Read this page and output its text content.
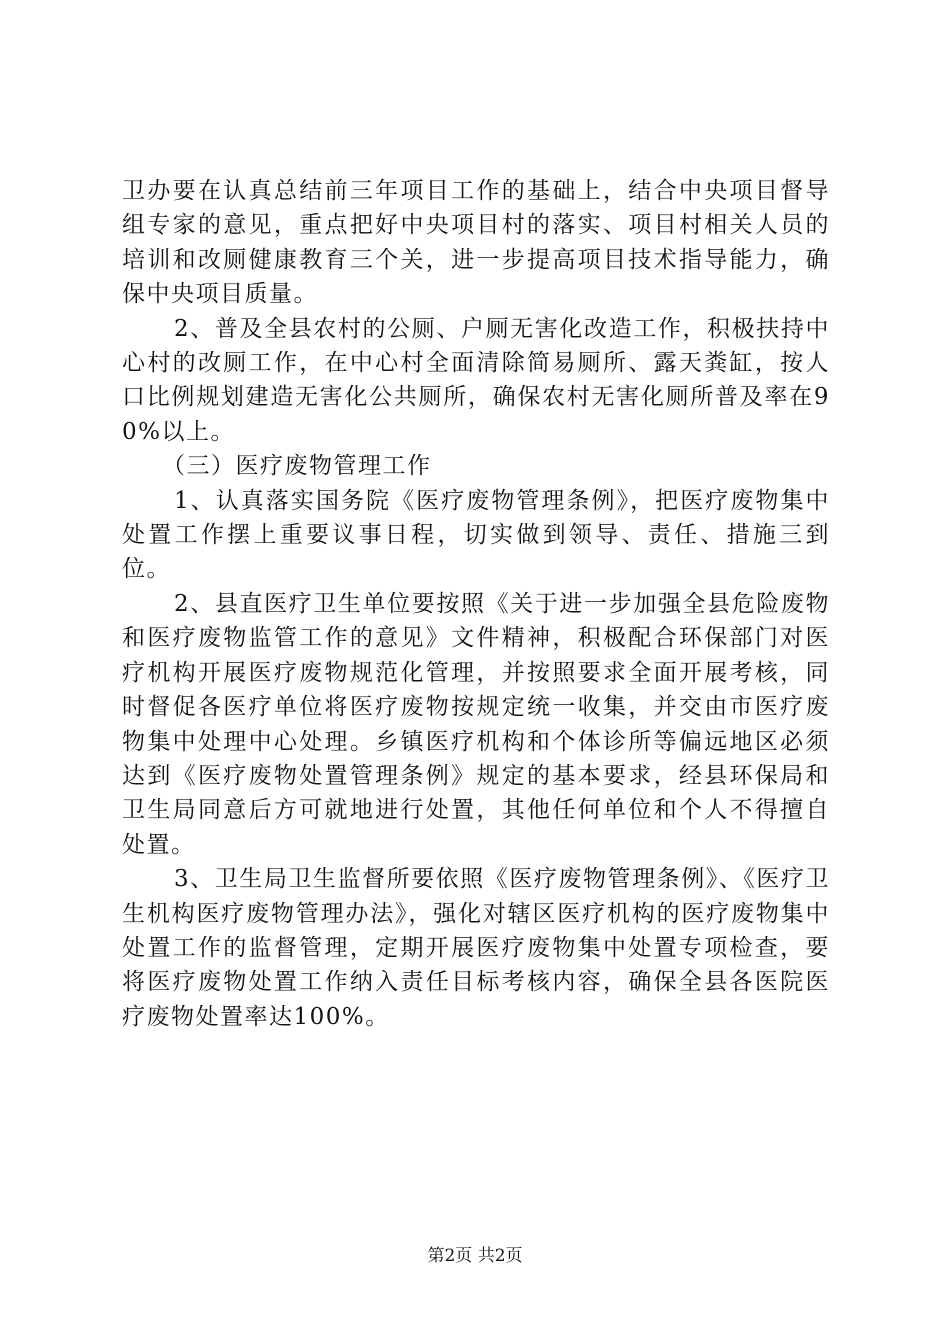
卫办要在认真总结前三年项目工作的基础上，结合中央项目督导组专家的意见，重点把好中央项目村的落实、项目村相关人员的培训和改厕健康教育三个关，进一步提高项目技术指导能力，确保中央项目质量。

2、普及全县农村的公厕、户厕无害化改造工作，积极扶持中心村的改厕工作，在中心村全面清除简易厕所、露天粪缸，按人口比例规划建造无害化公共厕所，确保农村无害化厕所普及率在90%以上。

（三）医疗废物管理工作

1、认真落实国务院《医疗废物管理条例》，把医疗废物集中处置工作摆上重要议事日程，切实做到领导、责任、措施三到位。

2、县直医疗卫生单位要按照《关于进一步加强全县危险废物和医疗废物监管工作的意见》文件精神，积极配合环保部门对医疗机构开展医疗废物规范化管理，并按照要求全面开展考核，同时督促各医疗单位将医疗废物按规定统一收集，并交由市医疗废物集中处理中心处理。乡镇医疗机构和个体诊所等偏远地区必须达到《医疗废物处置管理条例》规定的基本要求，经县环保局和卫生局同意后方可就地进行处置，其他任何单位和个人不得擅自处置。

3、卫生局卫生监督所要依照《医疗废物管理条例》、《医疗卫生机构医疗废物管理办法》，强化对辖区医疗机构的医疗废物集中处置工作的监督管理，定期开展医疗废物集中处置专项检查，要将医疗废物处置工作纳入责任目标考核内容，确保全县各医院医疗废物处置率达100%。

第2页 共2页
